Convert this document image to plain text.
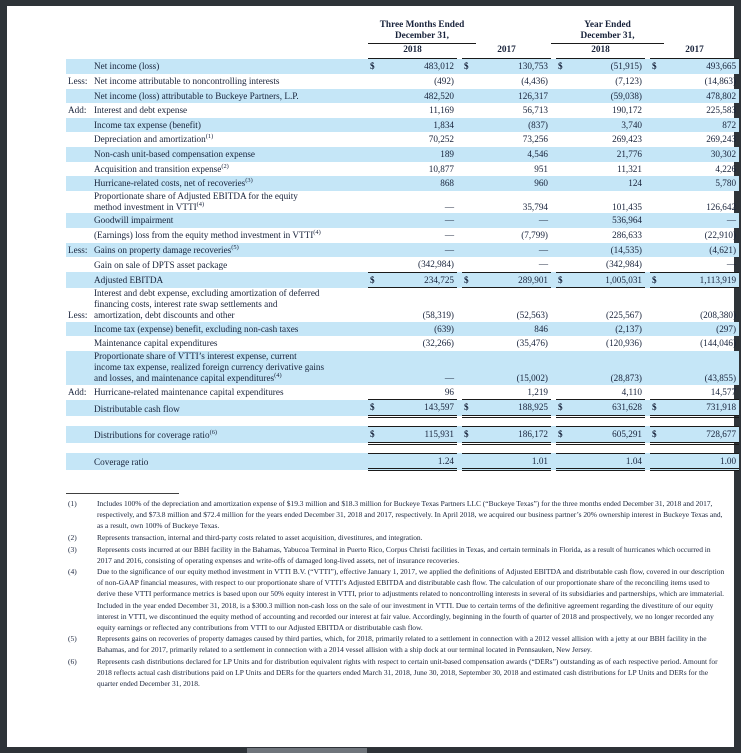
		Three Months Ended
December 31,					Year Ended
December 31,					

		2018			2017			2018			2017	
	Net income (loss)	$	483,012		$	130,753		$	(51,915)		$	493,665
Less:	Net income attributable to noncontrolling interests		(492)			(4,436)			(7,123)			(14,863)
	Net income (loss) attributable to Buckeye Partners, L.P.		482,520			126,317			(59,038)			478,802
Add:	Interest and debt expense		11,169			56,713			190,172			225,583
	Income tax expense (benefit)		1,834			(837)			3,740			872
	Depreciation and amortization$^{(1)}$		70,252			73,256			269,423			269,243
	Non-cash unit-based compensation expense		189			4,546			21,776			30,302
	Acquisition and transition expense$^{(2)}$		10,877			951			11,321			4,226
	Hurricane-related costs, net of recoveries$^{(3)}$		868			960			124			5,780
	Proportionate share of Adjusted EBITDA for the equity
method investment in VTTI$^{(4)}$		—			35,794			101,435			126,642
	Goodwill impairment		—			—			536,964			—
	(Earnings) loss from the equity method investment in VTTI$^{(4)}$		—			(7,799)			286,633			(22,910)
Less:	Gains on property damage recoveries$^{(5)}$		—			—			(14,535)			(4,621)
	Gain on sale of DPTS asset package		(342,984)			—			(342,984)			—
	Adjusted EBITDA	$	234,725		$	289,901		$	1,005,031		$	1,113,919
Less:	Interest and debt expense, excluding amortization of deferred
financing costs, interest rate swap settlements and
amortization, debt discounts and other		(58,319)			(52,563)			(225,567)			(208,380)
	Income tax (expense) benefit, excluding non-cash taxes		(639)			846			(2,137)			(297)
	Maintenance capital expenditures		(32,266)			(35,476)			(120,936)			(144,046)
	Proportionate share of VTTI’s interest expense, current
income tax expense, realized foreign currency derivative gains
and losses, and maintenance capital expenditures$^{(4)}$		—			(15,002)			(28,873)			(43,855)
Add:	Hurricane-related maintenance capital expenditures		96			1,219			4,110			14,577
	Distributable cash flow	$	143,597		$	188,925		$	631,628		$	731,918

	Distributions for coverage ratio$^{(6)}$	$	115,931		$	186,172		$	605,291		$	728,677

	Coverage ratio		1.24			1.01			1.04			1.00

(1)	Includes 100% of the depreciation and amortization expense of $19.3 million and $18.3 million for Buckeye Texas Partners LLC (“Buckeye Texas”) for the three months ended December 31, 2018 and 2017, respectively, and $73.8 million and $72.4 million for the years ended December 31, 2018 and 2017, respectively. In April 2018, we acquired our business partner’s 20% ownership interest in Buckeye Texas and, as a result, own 100% of Buckeye Texas.
(2)	Represents transaction, internal and third-party costs related to asset acquisition, divestitures, and integration.
(3)	Represents costs incurred at our BBH facility in the Bahamas, Yabucoa Terminal in Puerto Rico, Corpus Christi facilities in Texas, and certain terminals in Florida, as a result of hurricanes which occurred in 2017 and 2016, consisting of operating expenses and write-offs of damaged long-lived assets, net of insurance recoveries.
(4)	Due to the significance of our equity method investment in VTTI B.V. (“VTTI”), effective January 1, 2017, we applied the definitions of Adjusted EBITDA and distributable cash flow, covered in our description of non-GAAP financial measures, with respect to our proportionate share of VTTI’s Adjusted EBITDA and distributable cash flow. The calculation of our proportionate share of the reconciling items used to derive these VTTI performance metrics is based upon our 50% equity interest in VTTI, prior to adjustments related to noncontrolling interests in several of its subsidiaries and partnerships, which are immaterial. Included in the year ended December 31, 2018, is a $300.3 million non-cash loss on the sale of our investment in VTTI. Due to certain terms of the definitive agreement regarding the divestiture of our equity interest in VTTI, we discontinued the equity method of accounting and recorded our interest at fair value. Accordingly, beginning in the fourth of quarter of 2018 and prospectively, we no longer recorded any equity earnings or reflected any contributions from VTTI to our Adjusted EBITDA or distributable cash flow.
(5)	Represents gains on recoveries of property damages caused by third parties, which, for 2018, primarily related to a settlement in connection with a 2012 vessel allision with a jetty at our BBH facility in the Bahamas, and for 2017, primarily related to a settlement in connection with a 2014 vessel allision with a ship dock at our terminal located in Pennsauken, New Jersey.
(6)	Represents cash distributions declared for LP Units and for distribution equivalent rights with respect to certain unit-based compensation awards (“DERs”) outstanding as of each respective period. Amount for 2018 reflects actual cash distributions paid on LP Units and DERs for the quarters ended March 31, 2018, June 30, 2018, September 30, 2018 and estimated cash distributions for LP Units and DERs for the quarter ended December 31, 2018.
